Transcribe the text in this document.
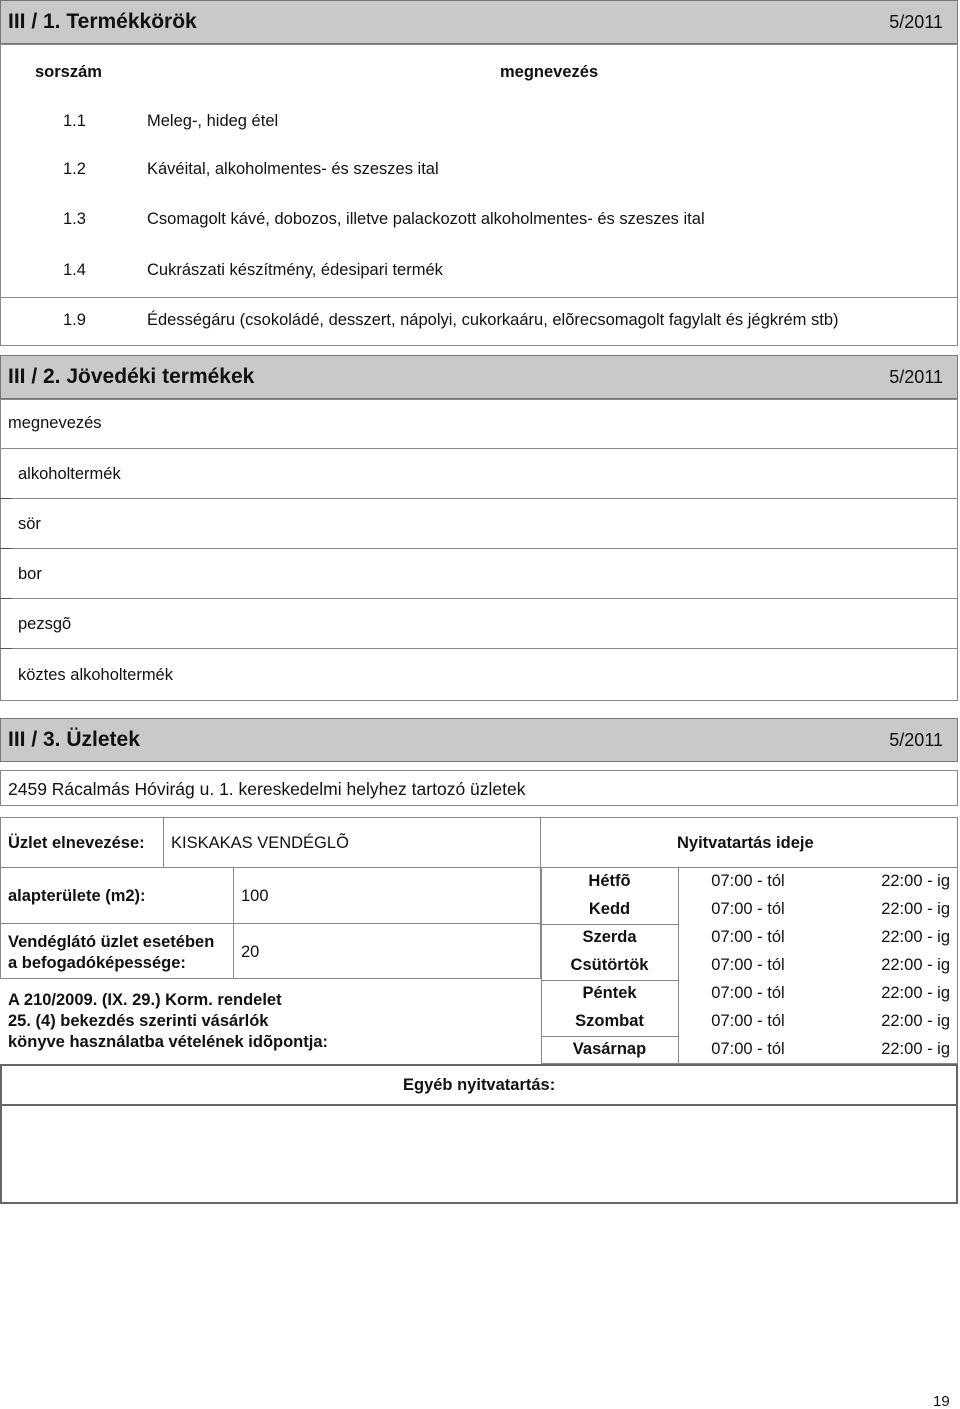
III / 1. Termékkörök	5/2011
sorszám	megnevezés
1.1	Meleg-, hideg étel
1.2	Kávéital, alkoholmentes- és szeszes ital
1.3	Csomagolt kávé, dobozos, illetve palackozott alkoholmentes- és szeszes ital
1.4	Cukrászati készítmény, édesipari termék
1.9	Édességáru (csokoládé, desszert, nápolyi, cukorkaáru, elõrecsomagolt fagylalt és jégkrém stb)
III / 2. Jövedéki termékek	5/2011
megnevezés
alkoholtermék
sör
bor
pezsgõ
köztes alkoholtermék
III / 3. Üzletek	5/2011
2459 Rácalmás Hóvirág u. 1. kereskedelmi helyhez tartozó üzletek
Üzlet elnevezése: KISKAKAS VENDÉGLÕ	Nyitvatartás ideje
alapterülete (m2):	100
Vendéglátó üzlet esetében
a befogadóképessége:
20
A 210/2009. (IX. 29.) Korm. rendelet
25. (4) bekezdés szerinti vásárlók
könyve használatba vételének idõpontja:
Hétfõ	07:00 - tól	22:00 - ig
Kedd	07:00 - tól	22:00 - ig
Szerda	07:00 - tól	22:00 - ig
Csütörtök	07:00 - tól	22:00 - ig
Péntek	07:00 - tól	22:00 - ig
Szombat	07:00 - tól	22:00 - ig
Vasárnap	07:00 - tól	22:00 - ig
Egyéb nyitvatartás:
19
